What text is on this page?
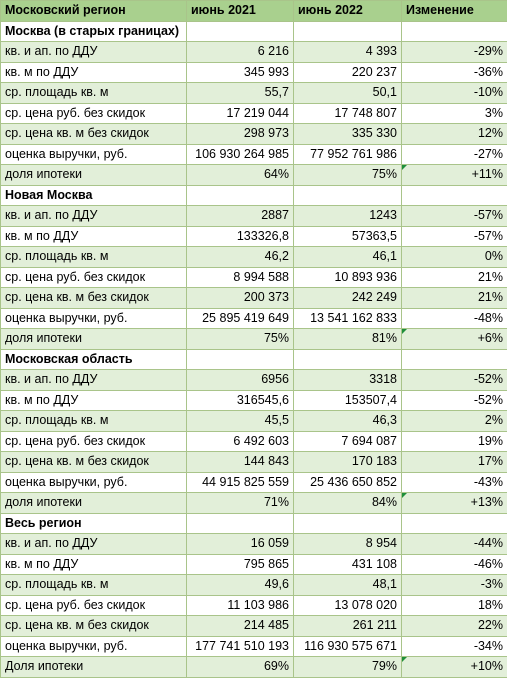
Московский регион	июнь 2021	июнь 2022	Изменение
Москва (в старых границах)			
кв. и ап. по ДДУ	6 216	4 393	-29%
кв. м по ДДУ	345 993	220 237	-36%
ср. площадь кв. м	55,7	50,1	-10%
ср. цена руб. без скидок	17 219 044	17 748 807	3%
ср. цена кв. м без скидок	298 973	335 330	12%
оценка выручки, руб.	106 930 264 985	77 952 761 986	-27%
доля ипотеки	64%	75%	+11%
Новая Москва			
кв. и ап. по ДДУ	2887	1243	-57%
кв. м по ДДУ	133326,8	57363,5	-57%
ср. площадь кв. м	46,2	46,1	0%
ср. цена руб. без скидок	8 994 588	10 893 936	21%
ср. цена кв. м без скидок	200 373	242 249	21%
оценка выручки, руб.	25 895 419 649	13 541 162 833	-48%
доля ипотеки	75%	81%	+6%
Московская область			
кв. и ап. по ДДУ	6956	3318	-52%
кв. м по ДДУ	316545,6	153507,4	-52%
ср. площадь кв. м	45,5	46,3	2%
ср. цена руб. без скидок	6 492 603	7 694 087	19%
ср. цена кв. м без скидок	144 843	170 183	17%
оценка выручки, руб.	44 915 825 559	25 436 650 852	-43%
доля ипотеки	71%	84%	+13%
Весь регион			
кв. и ап. по ДДУ	16 059	8 954	-44%
кв. м по ДДУ	795 865	431 108	-46%
ср. площадь кв. м	49,6	48,1	-3%
ср. цена руб. без скидок	11 103 986	13 078 020	18%
ср. цена кв. м без скидок	214 485	261 211	22%
оценка выручки, руб.	177 741 510 193	116 930 575 671	-34%
Доля ипотеки	69%	79%	+10%
